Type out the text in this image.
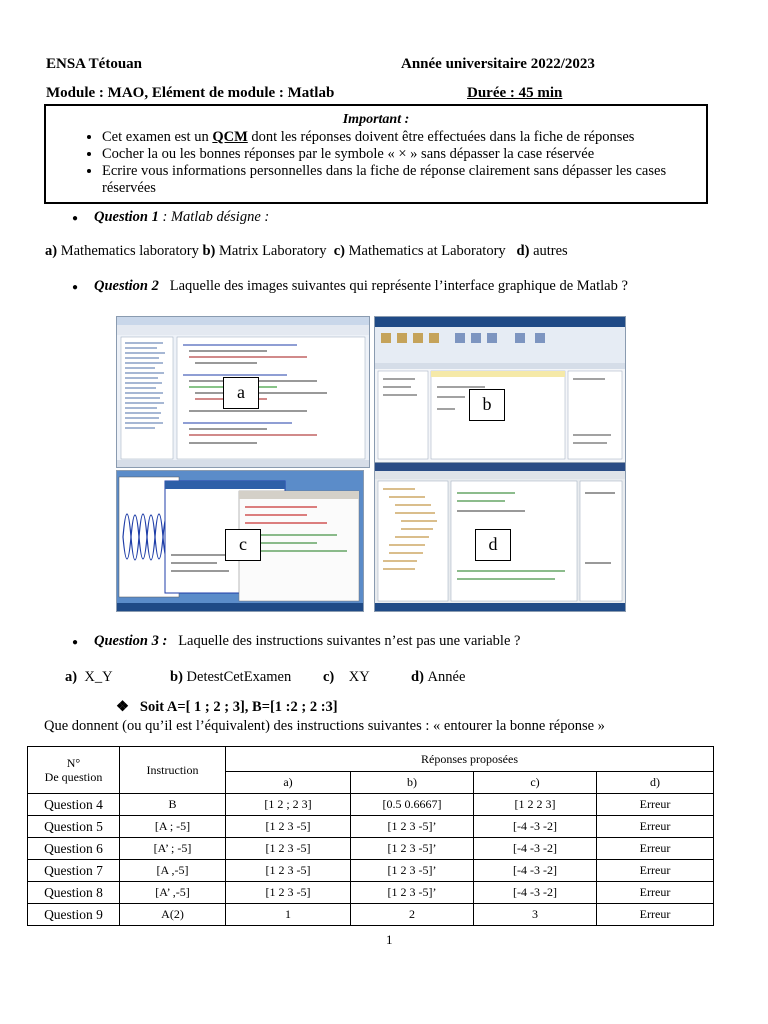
ENSA Tétouan	Année universitaire 2022/2023
Module : MAO, Elément de module : Matlab	Durée : 45 min
Important :
• Cet examen est un QCM dont les réponses doivent être effectuées dans la fiche de réponses
• Cocher la ou les bonnes réponses par le symbole « × » sans dépasser la case réservée
• Ecrire vous informations personnelles dans la fiche de réponse clairement sans dépasser les cases réservées
● Question 1 : Matlab désigne :
a) Mathematics laboratory b) Matrix Laboratory c) Mathematics at Laboratory d) autres
● Question 2 Laquelle des images suivantes qui représente l’interface graphique de Matlab ?
a
b
c	d
● Question 3 : Laquelle des instructions suivantes n’est pas une variable ?
a) X_Y	b) DetestCetExamen c) XY	d) Année
❖ Soit A=[ 1 ; 2 ; 3], B=[1 :2 ; 2 :3]
Que donnent (ou qu’il est l’équivalent) des instructions suivantes : « entourer la bonne réponse »
N°
De question	Instruction	Réponses proposées			
		a)	b)	c)	d)
Question 4	B	[1 2 ; 2 3]	[0.5 0.6667]	[1 2 2 3]	Erreur
Question 5	[A ; -5]	[1 2 3 -5]	[1 2 3 -5]’	[-4 -3 -2]	Erreur
Question 6	[A’ ; -5]	[1 2 3 -5]	[1 2 3 -5]’	[-4 -3 -2]	Erreur
Question 7	[A ,-5]	[1 2 3 -5]	[1 2 3 -5]’	[-4 -3 -2]	Erreur
Question 8	[A’ ,-5]	[1 2 3 -5]	[1 2 3 -5]’	[-4 -3 -2]	Erreur
Question 9	A(2)	1	2	3	Erreur
1
